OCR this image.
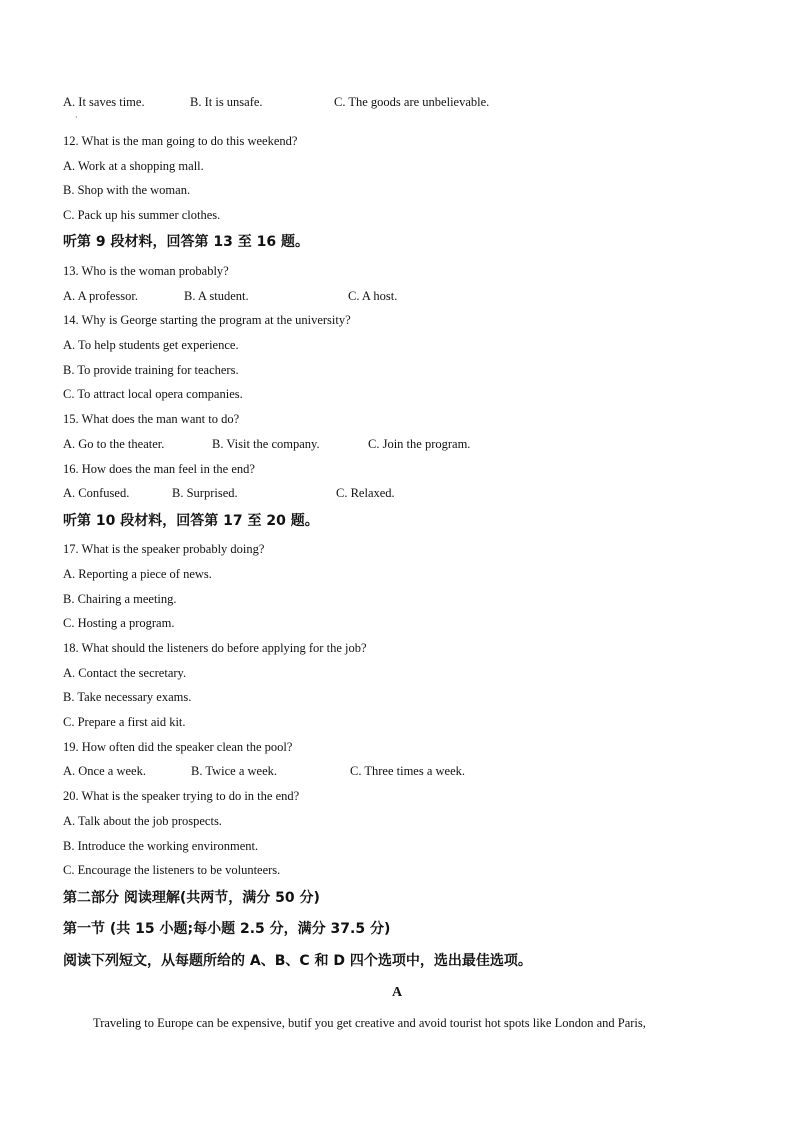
A. It saves time.	B. It is unsafe.	C. The goods are unbelievable.
·
12. What is the man going to do this weekend?
A. Work at a shopping mall.
B. Shop with the woman.
C. Pack up his summer clothes.
听第 9 段材料，回答第 13 至 16 题。
13. Who is the woman probably?
A. A professor.	B. A student.	C. A host.
14. Why is George starting the program at the university?
A. To help students get experience.
B. To provide training for teachers.
C. To attract local opera companies.
15. What does the man want to do?
A. Go to the theater.	B. Visit the company.	C. Join the program.
16. How does the man feel in the end?
A. Confused.	B. Surprised.	C. Relaxed.
听第 10 段材料，回答第 17 至 20 题。
17. What is the speaker probably doing?
A. Reporting a piece of news.
B. Chairing a meeting.
C. Hosting a program.
18. What should the listeners do before applying for the job?
A. Contact the secretary.
B. Take necessary exams.
C. Prepare a first aid kit.
19. How often did the speaker clean the pool?
A. Once a week.	B. Twice a week.	C. Three times a week.
20. What is the speaker trying to do in the end?
A. Talk about the job prospects.
B. Introduce the working environment.
C. Encourage the listeners to be volunteers.
第二部分 阅读理解(共两节，满分 50 分)
第一节 (共 15 小题;每小题 2.5 分，满分 37.5 分)
阅读下列短文，从每题所给的 A、B、C 和 D 四个选项中，选出最佳选项。
A
Traveling to Europe can be expensive, butif you get creative and avoid tourist hot spots like London and Paris,
